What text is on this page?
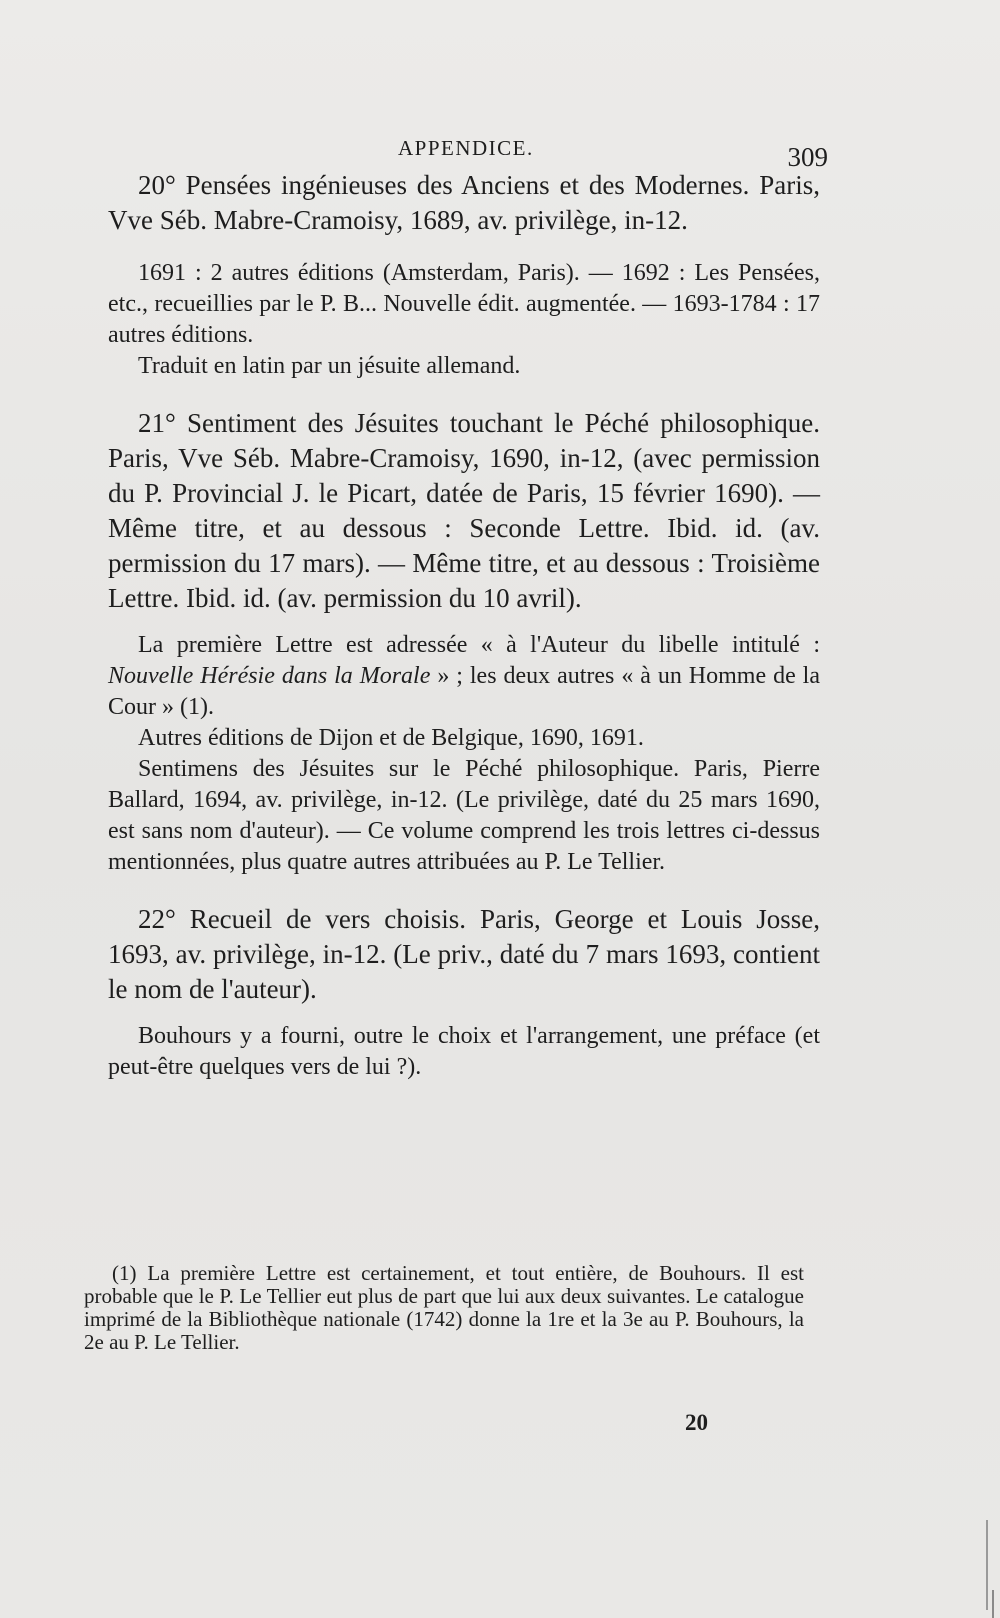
APPENDICE.	309

20° Pensées ingénieuses des Anciens et des Modernes. Paris, Vve Séb. Mabre-Cramoisy, 1689, av. privilège, in-12.

1691 : 2 autres éditions (Amsterdam, Paris). — 1692 : Les Pensées, etc., recueillies par le P. B... Nouvelle édit. augmentée. — 1693-1784 : 17 autres éditions.

Traduit en latin par un jésuite allemand.

21° Sentiment des Jésuites touchant le Péché philosophique. Paris, Vve Séb. Mabre-Cramoisy, 1690, in-12, (avec permission du P. Provincial J. le Picart, datée de Paris, 15 février 1690). — Même titre, et au dessous : Seconde Lettre. Ibid. id. (av. permission du 17 mars). — Même titre, et au dessous : Troisième Lettre. Ibid. id. (av. permission du 10 avril).

La première Lettre est adressée « à l'Auteur du libelle intitulé : Nouvelle Hérésie dans la Morale » ; les deux autres « à un Homme de la Cour » (1).

Autres éditions de Dijon et de Belgique, 1690, 1691.

Sentimens des Jésuites sur le Péché philosophique. Paris, Pierre Ballard, 1694, av. privilège, in-12. (Le privilège, daté du 25 mars 1690, est sans nom d'auteur). — Ce volume comprend les trois lettres ci-dessus mentionnées, plus quatre autres attribuées au P. Le Tellier.

22° Recueil de vers choisis. Paris, George et Louis Josse, 1693, av. privilège, in-12. (Le priv., daté du 7 mars 1693, contient le nom de l'auteur).

Bouhours y a fourni, outre le choix et l'arrangement, une préface (et peut-être quelques vers de lui ?).

(1) La première Lettre est certainement, et tout entière, de Bouhours. Il est probable que le P. Le Tellier eut plus de part que lui aux deux suivantes. Le catalogue imprimé de la Bibliothèque nationale (1742) donne la 1re et la 3e au P. Bouhours, la 2e au P. Le Tellier.

20
